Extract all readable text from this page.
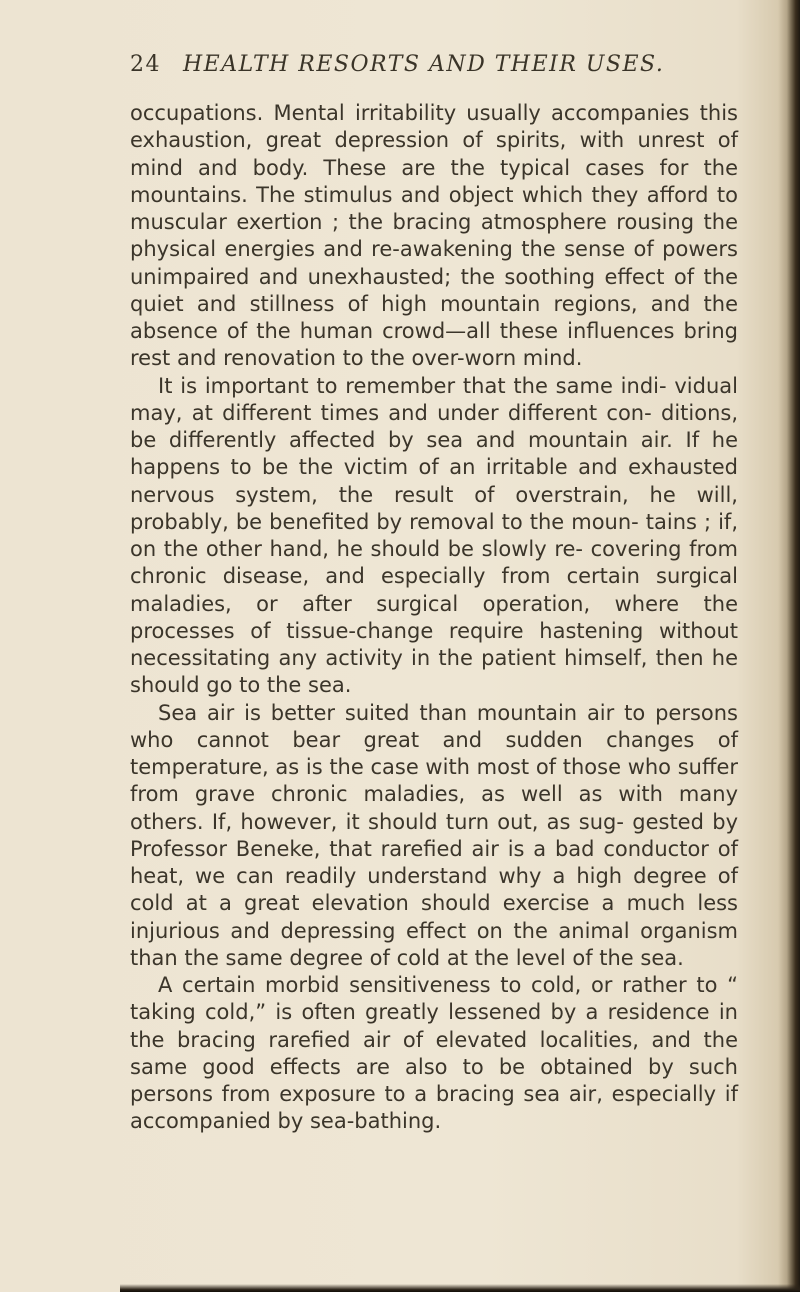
24 HEALTH RESORTS AND THEIR USES.

occupations. Mental irritability usually accompanies this exhaustion, great depression of spirits, with unrest of mind and body. These are the typical cases for the mountains. The stimulus and object which they afford to muscular exertion ; the bracing atmosphere rousing the physical energies and re-awakening the sense of powers unimpaired and unexhausted; the soothing effect of the quiet and stillness of high mountain regions, and the absence of the human crowd—all these influences bring rest and renovation to the over-worn mind.

It is important to remember that the same indi- vidual may, at different times and under different con- ditions, be differently affected by sea and mountain air. If he happens to be the victim of an irritable and exhausted nervous system, the result of overstrain, he will, probably, be benefited by removal to the moun- tains ; if, on the other hand, he should be slowly re- covering from chronic disease, and especially from certain surgical maladies, or after surgical operation, where the processes of tissue-change require hastening without necessitating any activity in the patient himself, then he should go to the sea.

Sea air is better suited than mountain air to persons who cannot bear great and sudden changes of temperature, as is the case with most of those who suffer from grave chronic maladies, as well as with many others. If, however, it should turn out, as sug- gested by Professor Beneke, that rarefied air is a bad conductor of heat, we can readily understand why a high degree of cold at a great elevation should exercise a much less injurious and depressing effect on the animal organism than the same degree of cold at the level of the sea.

A certain morbid sensitiveness to cold, or rather to “ taking cold,” is often greatly lessened by a residence in the bracing rarefied air of elevated localities, and the same good effects are also to be obtained by such persons from exposure to a bracing sea air, especially if accompanied by sea-bathing.
